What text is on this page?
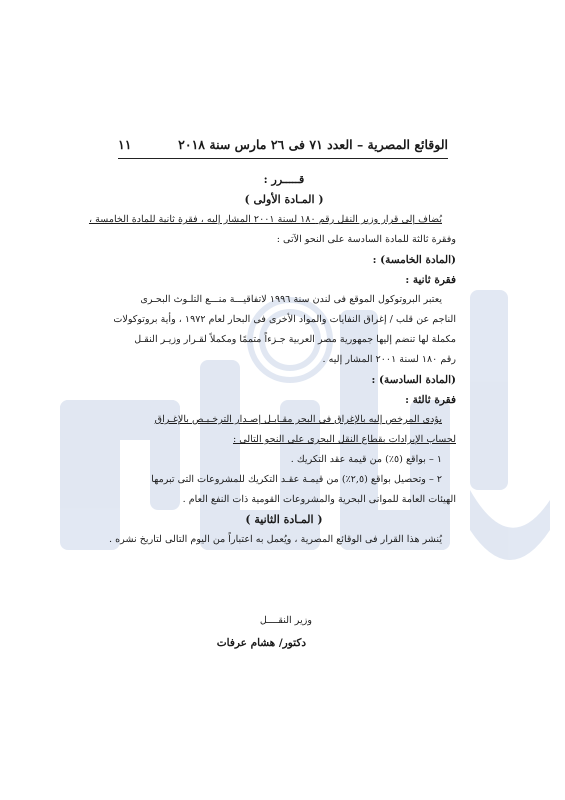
الوقائع المصرية – العدد ٧١ فى ٢٦ مارس سنة ٢٠١٨
١١
قـــــرر :
( المـادة الأولى )
يُضاف إلى قرار وزير النقل رقم ١٨٠ لسنة ٢٠٠١ المشار إليه ، فقرة ثانية للمادة الخامسة ،
وفقرة ثالثة للمادة السادسة على النحو الآتى :
(المادة الخامسة) :
فقرة ثانية :
يعتبر البروتوكول الموقع فى لندن سنة ١٩٩٦ لاتفاقيـــة منـــع التلـوث البحـرى
الناجم عن قلب / إغراق النفايات والمواد الأخرى فى البحار لعام ١٩٧٢ ، وأية بروتوكولات
مكملة لها تنضم إليها جمهورية مصر العربية جـزءاً متممًا ومكملاً لقـرار وزيـر النقـل
رقم ١٨٠ لسنة ٢٠٠١ المشار إليه .
(المادة السادسة) :
فقرة ثالثة :
يؤدى المرخص إليه بالإغراق فى البحر مقـابـل إصـدار الترخـيـص بالإغـراق
لحساب الإيرادات بقطاع النقل البحرى على النحو التالى :
١ – بواقع (٥٪) من قيمة عقد التكريك .
٢ – وتحصيل بواقع (٢,٥٪) من قيمـة عقـد التكريك للمشروعات التى تبرمها
الهيئات العامة للموانى البحرية والمشروعات القومية ذات النفع العام .
( المـادة الثانية )
يُنشر هذا القرار فى الوقائع المصرية ، ويُعمل به اعتباراً من اليوم التالى لتاريخ نشره .
وزير النقــــل
دكتور/ هشام عرفات
